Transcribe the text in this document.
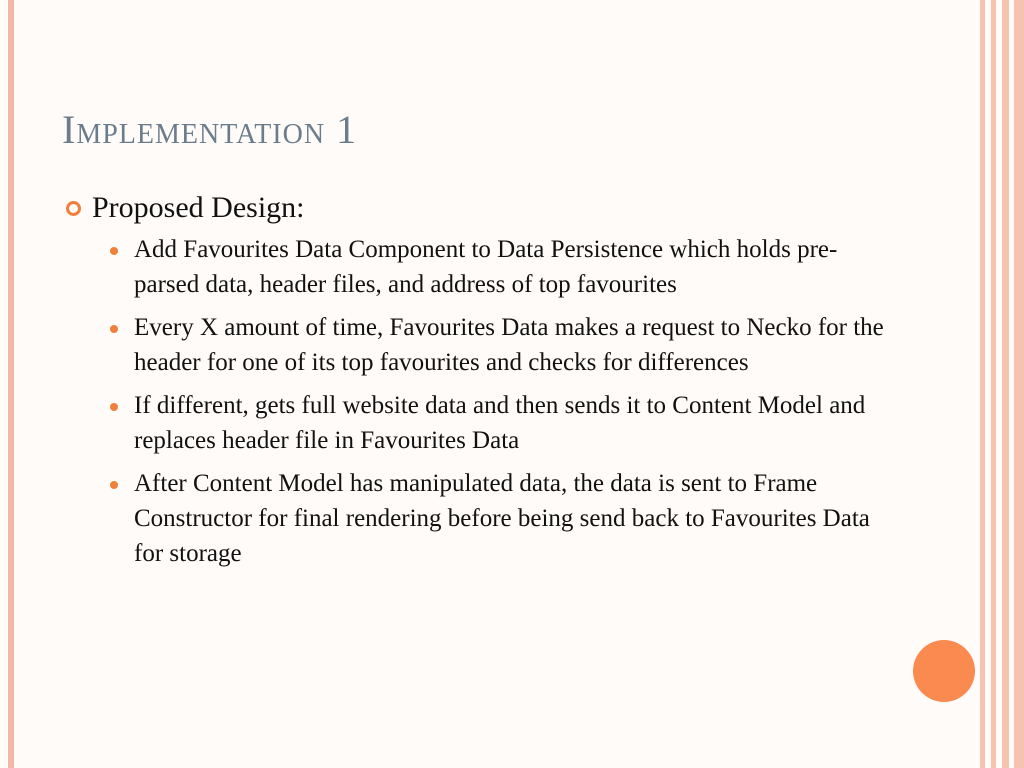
Implementation 1
Proposed Design:
Add Favourites Data Component to Data Persistence which holds pre-parsed data, header files, and address of top favourites
Every X amount of time, Favourites Data makes a request to Necko for the header for one of its top favourites and checks for differences
If different, gets full website data and then sends it to Content Model and replaces header file in Favourites Data
After Content Model has manipulated data, the data is sent to Frame Constructor for final rendering before being send back to Favourites Data for storage
